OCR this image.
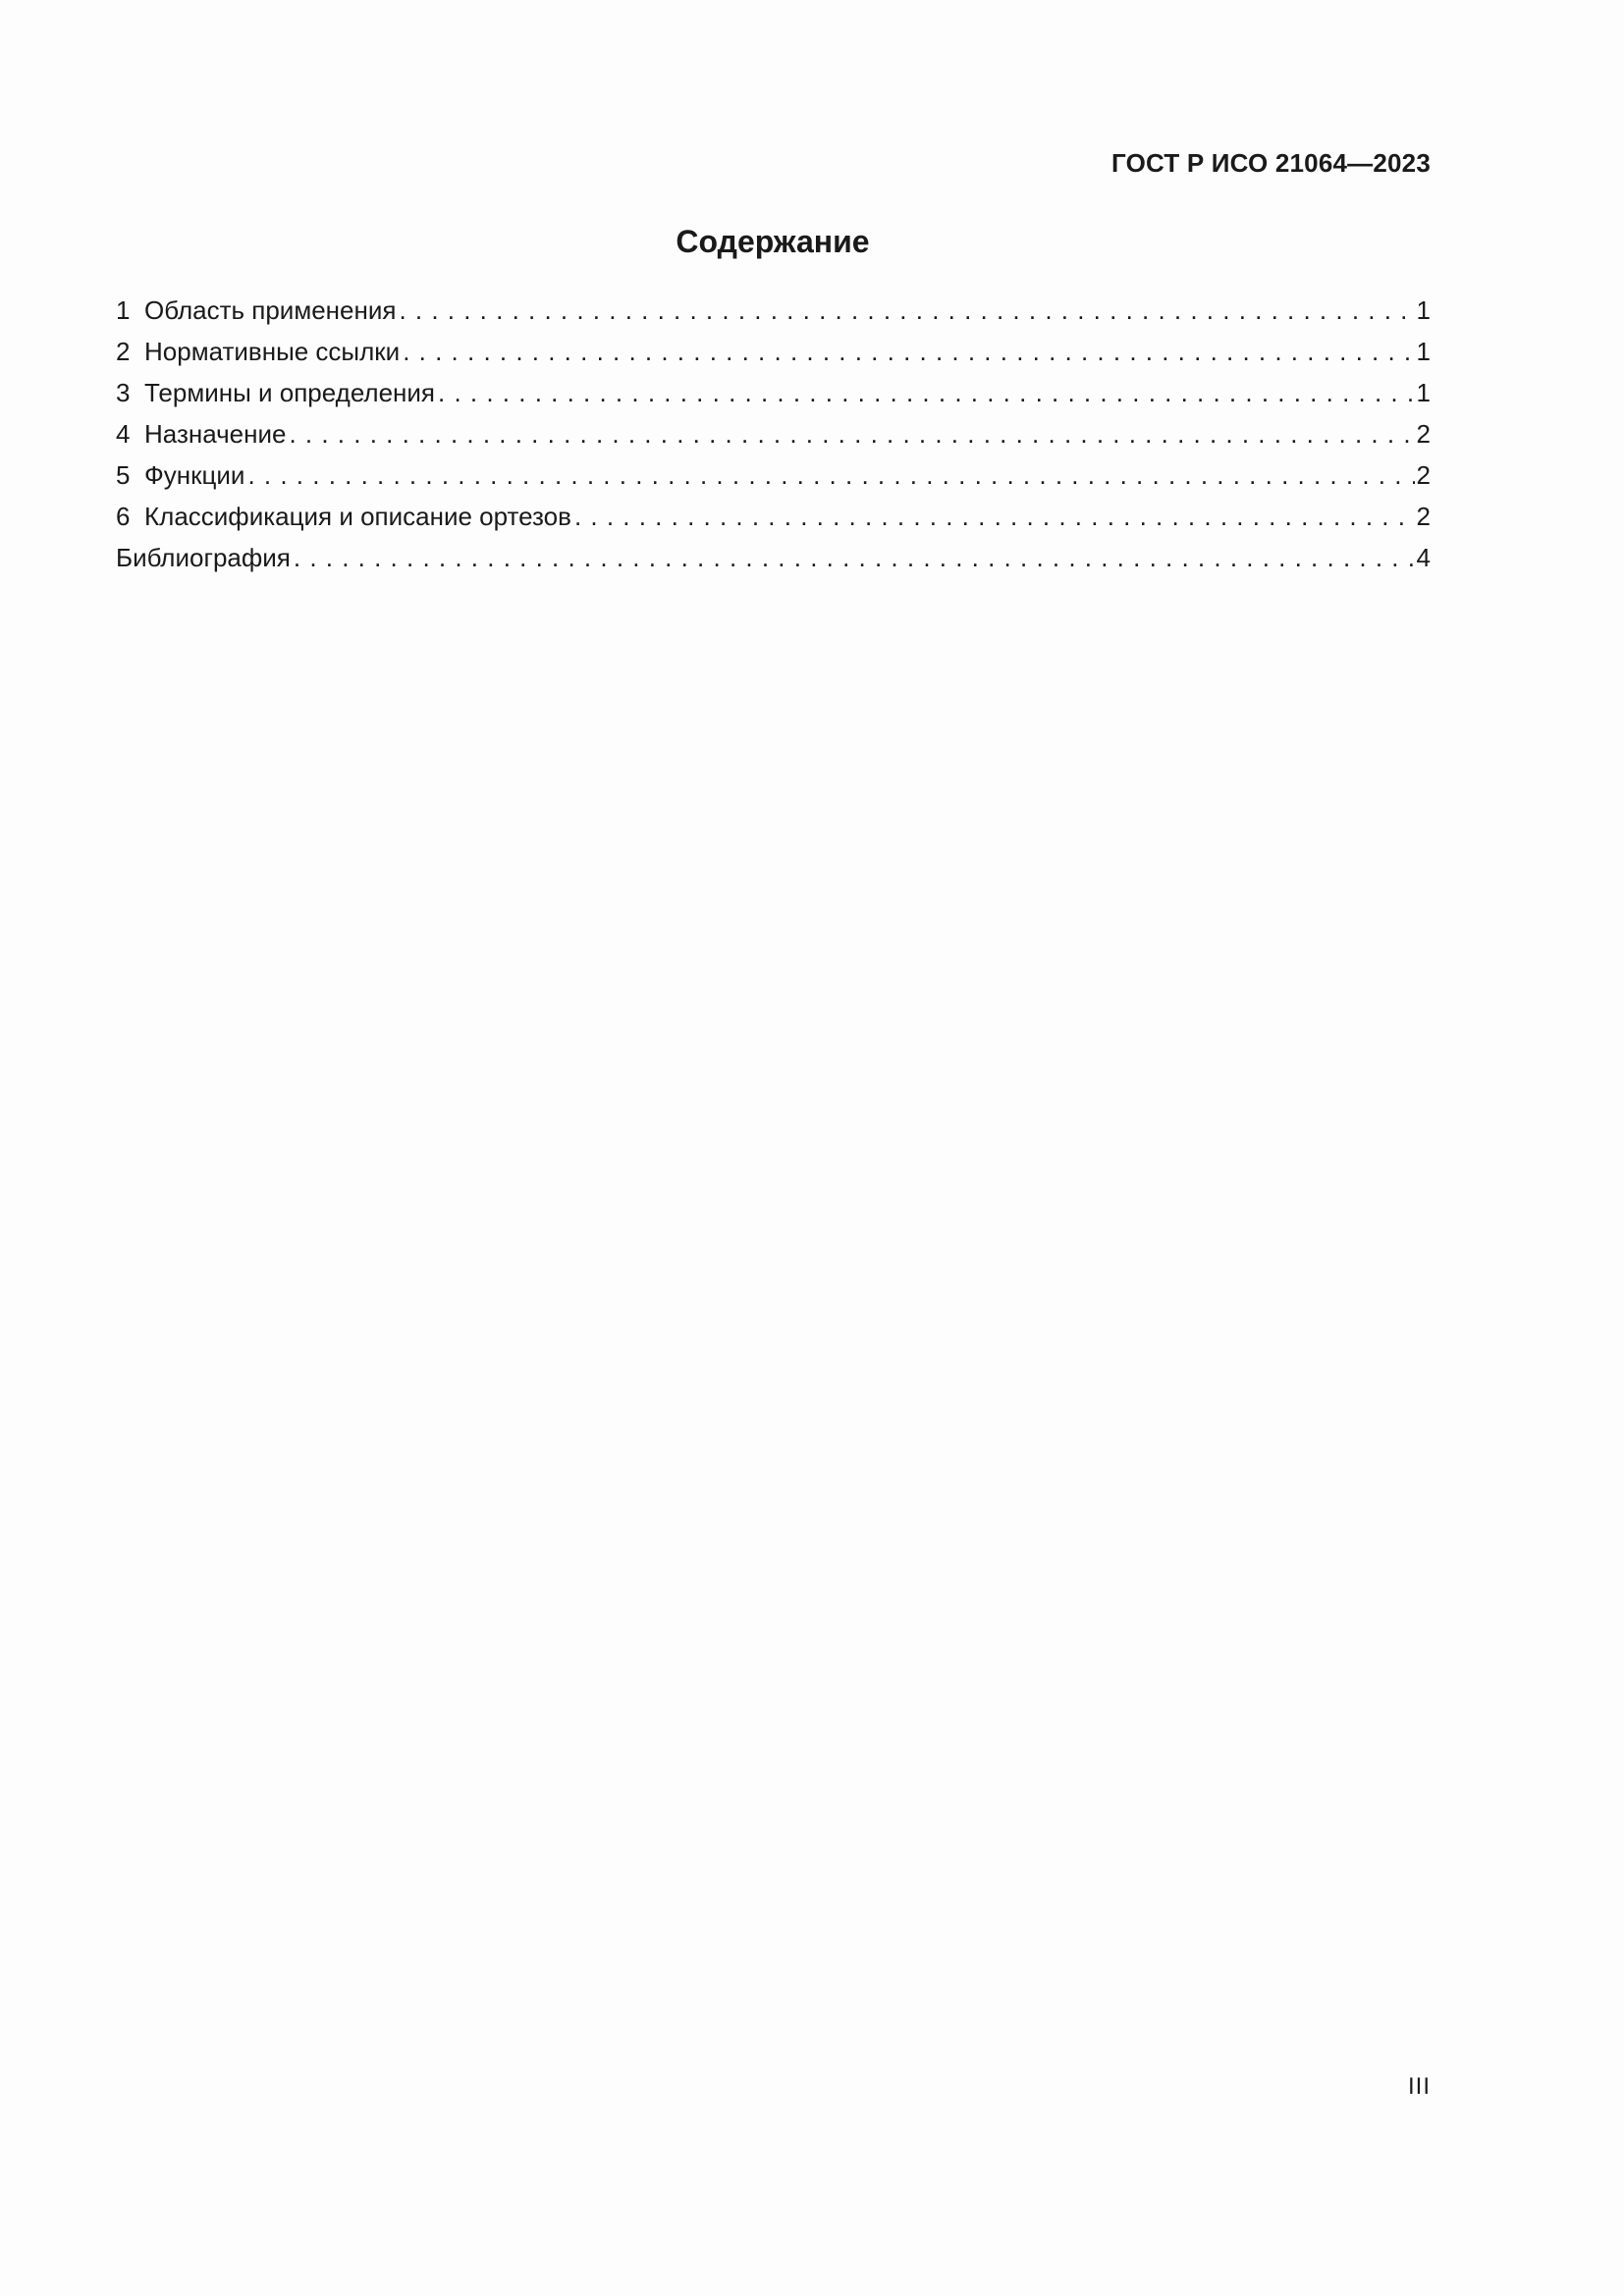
ГОСТ Р ИСО 21064—2023
Содержание
1 Область применения . . .	1
2 Нормативные ссылки . . .	1
3 Термины и определения . . .	1
4 Назначение . . .	2
5 Функции . . .	2
6 Классификация и описание ортезов . . .	2
Библиография . . .	4
III
